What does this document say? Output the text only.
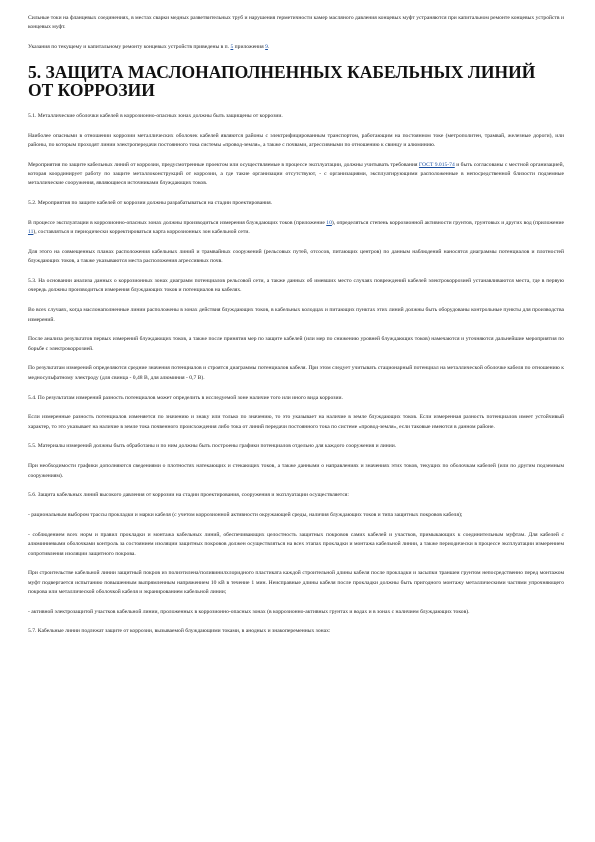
Сильные токи на фланцевых соединениях, в местах сварки медных разветвительных труб и нарушения герметичности камер масляного давления концевых муфт устраняются при капитальном ремонте концевых устройств и концевых муфт.

Указания по текущему и капитальному ремонту концевых устройств приведены в п. 5 приложения 9.

5. ЗАЩИТА МАСЛОНАПОЛНЕННЫХ КАБЕЛЬНЫХ ЛИНИЙ ОТ КОРРОЗИИ

5.1. Металлические оболочки кабелей в коррозионно-опасных зонах должны быть защищены от коррозии.

Наиболее опасными в отношении коррозии металлических оболочек кабелей являются районы с электрифицированным транспортом, работающим на постоянном токе (метрополитен, трамвай, железные дороги), или районы, по которым проходят линии электропередачи постоянного тока системы «провод-земля», а также с почвами, агрессивными по отношению к свинцу и алюминию.

Мероприятия по защите кабельных линий от коррозии, предусмотренные проектом или осуществляемые в процессе эксплуатации, должны учитывать требования ГОСТ 9.015-74 и быть согласованы с местной организацией, которая координирует работу по защите металлоконструкций от коррозии, а где такие организации отсутствуют, - с организациями, эксплуатирующими расположенные в непосредственной близости подземные металлические сооружения, являющиеся источниками блуждающих токов.

5.2. Мероприятия по защите кабелей от коррозии должны разрабатываться на стадии проектирования.

В процессе эксплуатации в коррозионно-опасных зонах должны производиться измерения блуждающих токов (приложение 10), определяться степень коррозионной активности грунтов, грунтовых и других вод (приложение 11), составляться и периодически корректироваться карта коррозионных зон кабельной сети.

Для этого на совмещенных планах расположения кабельных линий и трамвайных сооружений (рельсовых путей, отсосов, питающих центров) по данным наблюдений наносятся диаграммы потенциалов и плотностей блуждающих токов, а также указываются места расположения агрессивных почв.

5.3. На основании анализа данных о коррозионных зонах диаграмм потенциалов рельсовой сети, а также данных об имевших место случаях повреждений кабелей электрокоррозией устанавливаются места, где в первую очередь должны производиться измерения блуждающих токов и потенциалов на кабелях.

Во всех случаях, когда маслонаполненные линии расположены в зонах действия блуждающих токов, в кабельных колодцах и питающих пунктах этих линий должны быть оборудованы контрольные пункты для производства измерений.

После анализа результатов первых измерений блуждающих токов, а также после принятия мер по защите кабелей (или мер по снижению уровней блуждающих токов) намечаются и уточняются дальнейшие мероприятия по борьбе с электрокоррозией.

По результатам измерений определяются средние значения потенциалов и строятся диаграммы потенциалов кабеля. При этом следует учитывать стационарный потенциал на металлической оболочке кабеля по отношению к медносульфатному электроду (для свинца - 0,48 В, для алюминия - 0,7 В).

5.4. По результатам измерений разность потенциалов может определить в исследуемой зоне наличие того или иного вида коррозии.

Если измеренные разность потенциалов изменяется по значению и знаку или только по значению, то это указывает на наличие в земле блуждающих токов. Если измеренная разность потенциалов имеет устойчивый характер, то это указывает на наличие в земле тока почвенного происхождения либо тока от линий передачи постоянного тока по системе «провод-земля», если таковые имеются в данном районе.

5.5. Материалы измерений должны быть обработаны и по ним должны быть построены графики потенциалов отдельно для каждого сооружения и линии.

При необходимости графики дополняются сведениями о плотностях натекающих и стекающих токов, а также данными о направлениях и значениях этих токов, текущих по оболочкам кабелей (или по другим подземным сооружениям).

5.6. Защита кабельных линий высокого давления от коррозии на стадии проектирования, сооружения и эксплуатации осуществляется:

- рациональным выбором трассы прокладки и марки кабеля (с учетом коррозионной активности окружающей среды, наличия блуждающих токов и типа защитных покровов кабеля);

- соблюдением всех норм и правил прокладки и монтажа кабельных линий, обеспечивающих целостность защитных покровов самих кабелей и участков, примыкающих к соединительным муфтам. Для кабелей с алюминиевыми оболочками контроль за состоянием изоляции защитных покровов должен осуществляться на всех этапах прокладки и монтажа кабельной линии, а также периодически в процессе эксплуатации измерением сопротивления изоляции защитного покрова.

При строительстве кабельной линии защитный покров из полиэтилена/поливинилхлоридного пластиката каждой строительной длины кабеля после прокладки и засыпки траншеи грунтом непосредственно перед монтажом муфт подвергается испытанию повышенным выпрямленным напряжением 10 кВ в течение 1 мин. Неисправные длины кабеля после прокладки должны быть пригодного монтажу металлическими частями упрочняющего покрова или металлической оболочкой кабеля и экранированием кабельной линии;

- активной электрозащитой участков кабельной линии, проложенных в коррозионно-опасных зонах (в коррозионно-активных грунтах и водах и в зонах с наличием блуждающих токов).

5.7. Кабельные линии подлежат защите от коррозии, вызываемой блуждающими токами, в анодных и знакопеременных зонах:
